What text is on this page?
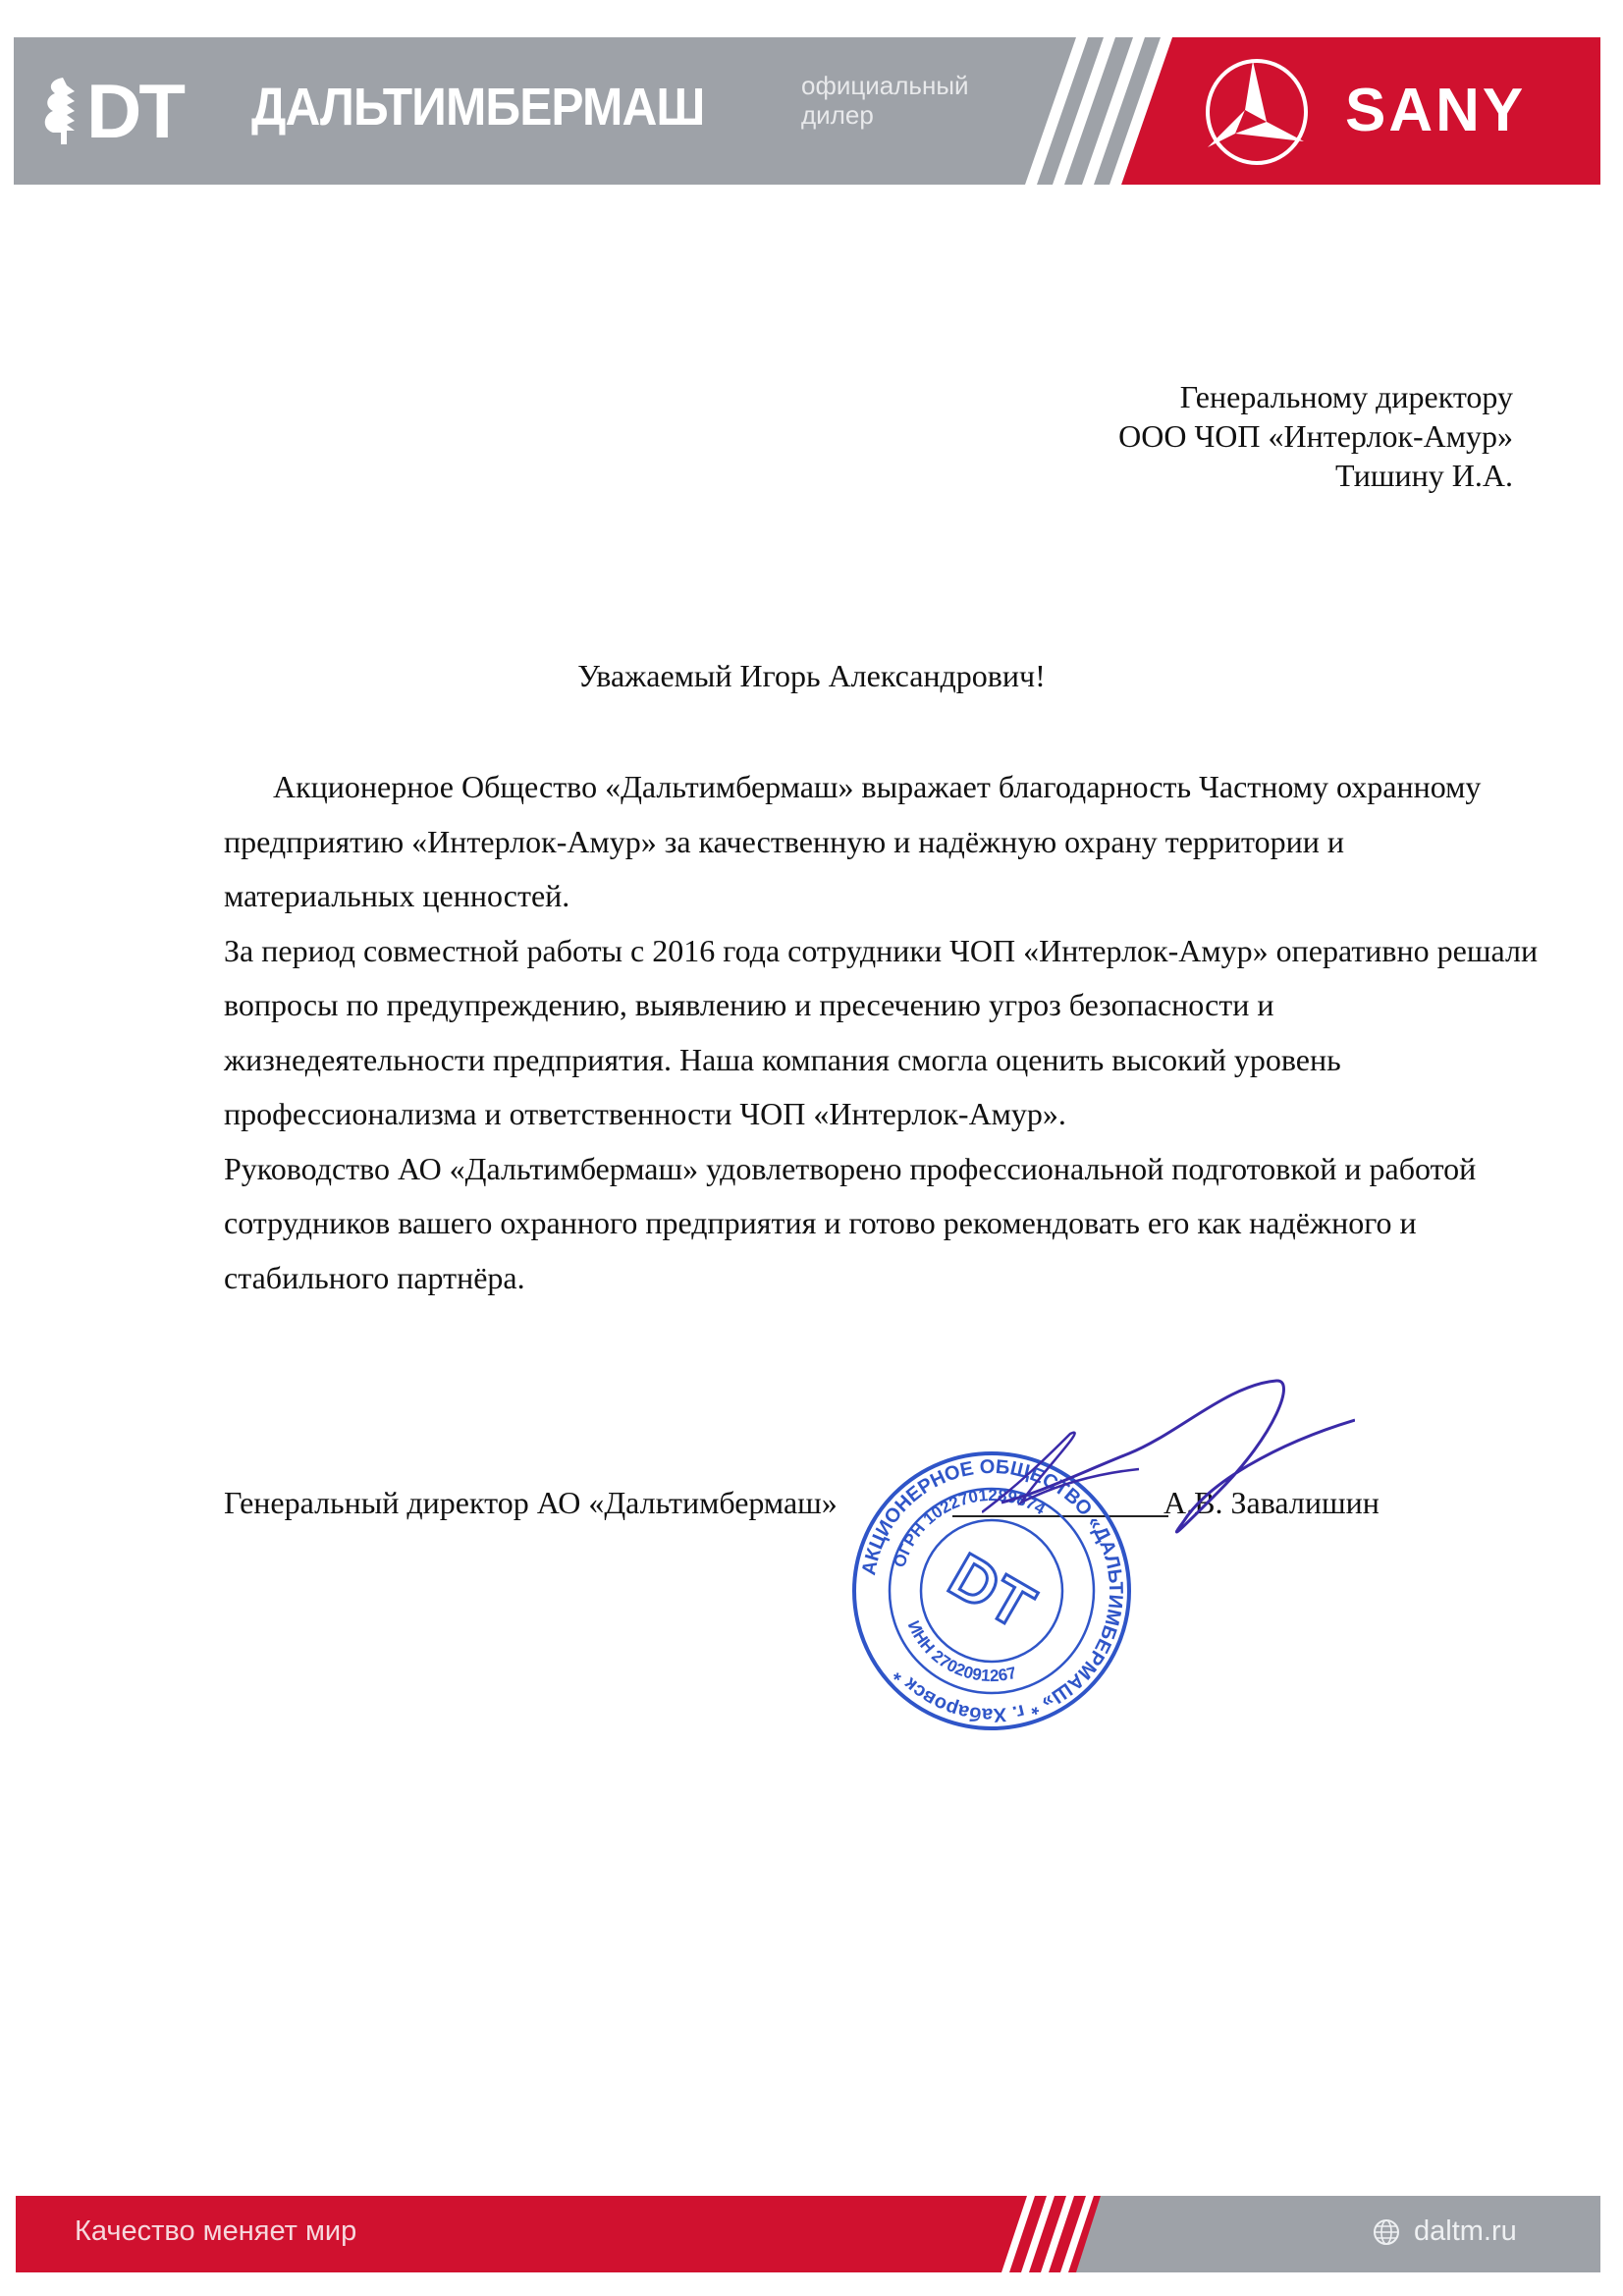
DT ДАЛЬТИМБЕРМАШ	официальный
дилер	SANY
Генеральному директору
ООО ЧОП «Интерлок-Амур»
Тишину И.А.
Уважаемый Игорь Александрович!

Акционерное Общество «Дальтимбермаш» выражает благодарность Частному охранному предприятию «Интерлок-Амур» за качественную и надёжную охрану территории и материальных ценностей.

За период совместной работы с 2016 года сотрудники ЧОП «Интерлок-Амур» оперативно решали вопросы по предупреждению, выявлению и пресечению угроз безопасности и жизнедеятельности предприятия. Наша компания смогла оценить высокий уровень профессионализма и ответственности ЧОП «Интерлок-Амур».

Руководство АО «Дальтимбермаш» удовлетворено профессиональной подготовкой и работой сотрудников вашего охранного предприятия и готово рекомендовать его как надёжного и стабильного партнёра.

Генеральный директор АО «Дальтимбермаш»	А.В. Завалишин
АКЦИОНЕРНОЕ ОБЩЕСТВО «ДАЛЬТИМБЕРМАШ» * г. Хабаровск *
ОГРН 1022701289874
ИНН 2702091267
DT
Качество меняет мир	daltm.ru
